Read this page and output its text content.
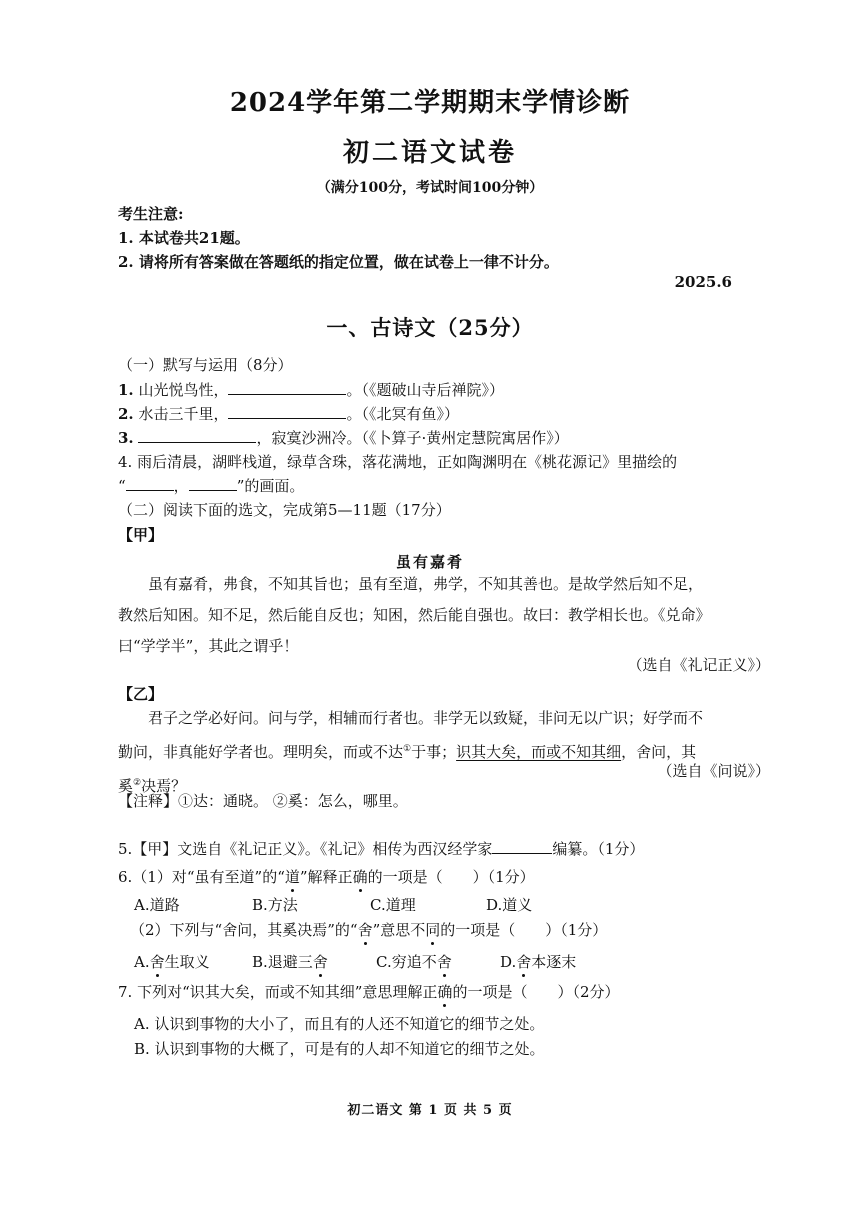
2024学年第二学期期末学情诊断
初二语文试卷
（满分100分，考试时间100分钟）
考生注意:
1. 本试卷共21题。
2. 请将所有答案做在答题纸的指定位置，做在试卷上一律不计分。
2025.6
一、古诗文（25分）
（一）默写与运用（8分）
1. 山光悦鸟性，	。（《题破山寺后禅院》）
2. 水击三千里，	。（《北冥有鱼》）
3.	，寂寞沙洲冷。（《卜算子·黄州定慧院寓居作》）
4. 雨后清晨，湖畔栈道，绿草含珠，落花满地，正如陶渊明在《桃花源记》里描绘的
“	，	”的画面。
（二）阅读下面的选文，完成第5—11题（17分）
【甲】
虽有嘉肴

虽有嘉肴，弗食，不知其旨也；虽有至道，弗学，不知其善也。是故学然后知不足，

教然后知困。知不足，然后能自反也；知困，然后能自强也。故曰：教学相长也。《兑命》

曰“学学半”，其此之谓乎！

（选自《礼记正义》）
【乙】

君子之学必好问。问与学，相辅而行者也。非学无以致疑，非问无以广识；好学而不

勤问，非真能好学者也。理明矣，而或不达①于事；识其大矣，而或不知其细，舍问，其

奚②决焉？

（选自《问说》）
【注释】①达：通晓。 ②奚：怎么，哪里。
5.【甲】文选自《礼记正义》。《礼记》相传为西汉经学家	编纂。（1分）
6.（1）对“虽有至道”的“道”解释正确的一项是（　　）（1分）
A.道路	B.方法	C.道理	D.道义
（2）下列与“舍问，其奚决焉”的“舍”意思不同的一项是（　　）（1分）
A.舍生取义	B.退避三舍	C.穷追不舍	D.舍本逐末
7. 下列对“识其大矣，而或不知其细”意思理解正确的一项是（　　）（2分）
A. 认识到事物的大小了，而且有的人还不知道它的细节之处。
B. 认识到事物的大概了，可是有的人却不知道它的细节之处。
初二语文 第 1 页 共 5 页
